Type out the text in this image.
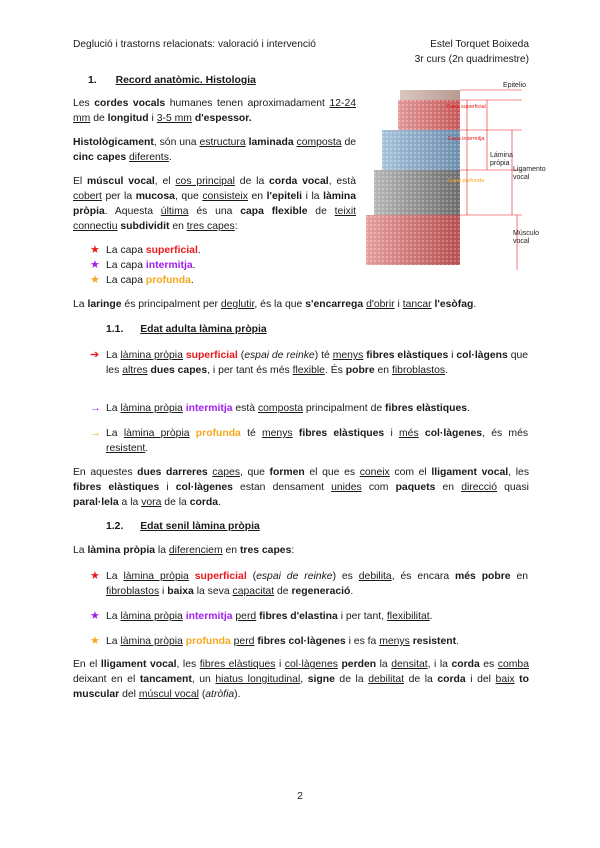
Deglució i trastorns relacionats: valoració i intervenció	Estel Torquet Boixeda
3r curs (2n quadrimestre)
1. Record anatòmic. Histologia
Les cordes vocals humanes tenen aproximadament 12-24 mm de longitud i 3-5 mm d'espessor.
Histològicament, són una estructura laminada composta de cinc capes diferents.
El múscul vocal, el cos principal de la corda vocal, està cobert per la mucosa, que consisteix en l'epiteli i la làmina pròpia. Aquesta última és una capa flexible de teixit connectiu subdividit en tres capes:
★ La capa superficial.
★ La capa intermitja.
★ La capa profunda.
La laringe és principalment per deglutir, és la que s'encarrega d'obrir i tancar l'esòfag.
Epitelio
Capa superficial
Capa intermitja
Capa profunda
Lámina própia
Ligamento vocal
Músculo vocal
1.1. Edat adulta làmina pròpia
➔ La làmina pròpia superficial (espai de reinke) té menys fibres elàstiques i col·làgens que les altres dues capes, i per tant és més flexible. És pobre en fibroblastos.
→ La làmina pròpia intermitja està composta principalment de fibres elàstiques.
→ La làmina pròpia profunda té menys fibres elàstiques i més col·làgenes, és més resistent.
En aquestes dues darreres capes, que formen el que es coneix com el lligament vocal, les fibres elàstiques i col·làgenes estan densament unides com paquets en direcció quasi paral·lela a la vora de la corda.
1.2. Edat senil làmina pròpia
La làmina pròpia la diferenciem en tres capes:
★ La làmina pròpia superficial (espai de reinke) es debilita, és encara més pobre en fibroblastos i baixa la seva capacitat de regeneració.
★ La làmina pròpia intermitja perd fibres d'elastina i per tant, flexibilitat.
★ La làmina pròpia profunda perd fibres col·làgenes i es fa menys resistent.
En el lligament vocal, les fibres elàstiques i col·làgenes perden la densitat, i la corda es comba deixant en el tancament, un hiatus longitudinal, signe de la debilitat de la corda i del baix to muscular del múscul vocal (atròfia).
2
